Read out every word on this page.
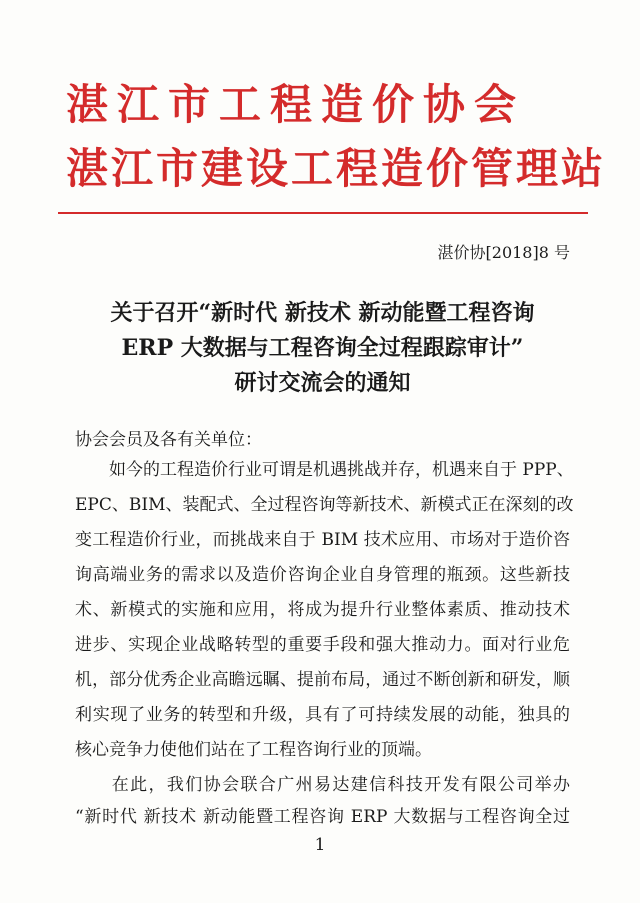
湛江市工程造价协会
湛江市建设工程造价管理站
湛价协[2018]8 号
关于召开“新时代 新技术 新动能暨工程咨询
ERP 大数据与工程咨询全过程跟踪审计”
研讨交流会的通知
协会会员及各有关单位：
　　如今的工程造价行业可谓是机遇挑战并存，机遇来自于 PPP、
EPC、BIM、装配式、全过程咨询等新技术、新模式正在深刻的改
变工程造价行业，而挑战来自于 BIM 技术应用、市场对于造价咨
询高端业务的需求以及造价咨询企业自身管理的瓶颈。这些新技
术、新模式的实施和应用，将成为提升行业整体素质、推动技术
进步、实现企业战略转型的重要手段和强大推动力。面对行业危
机，部分优秀企业高瞻远瞩、提前布局，通过不断创新和研发，顺
利实现了业务的转型和升级，具有了可持续发展的动能，独具的
核心竞争力使他们站在了工程咨询行业的顶端。
　　在此，我们协会联合广州易达建信科技开发有限公司举办
“新时代 新技术 新动能暨工程咨询 ERP 大数据与工程咨询全过
1
